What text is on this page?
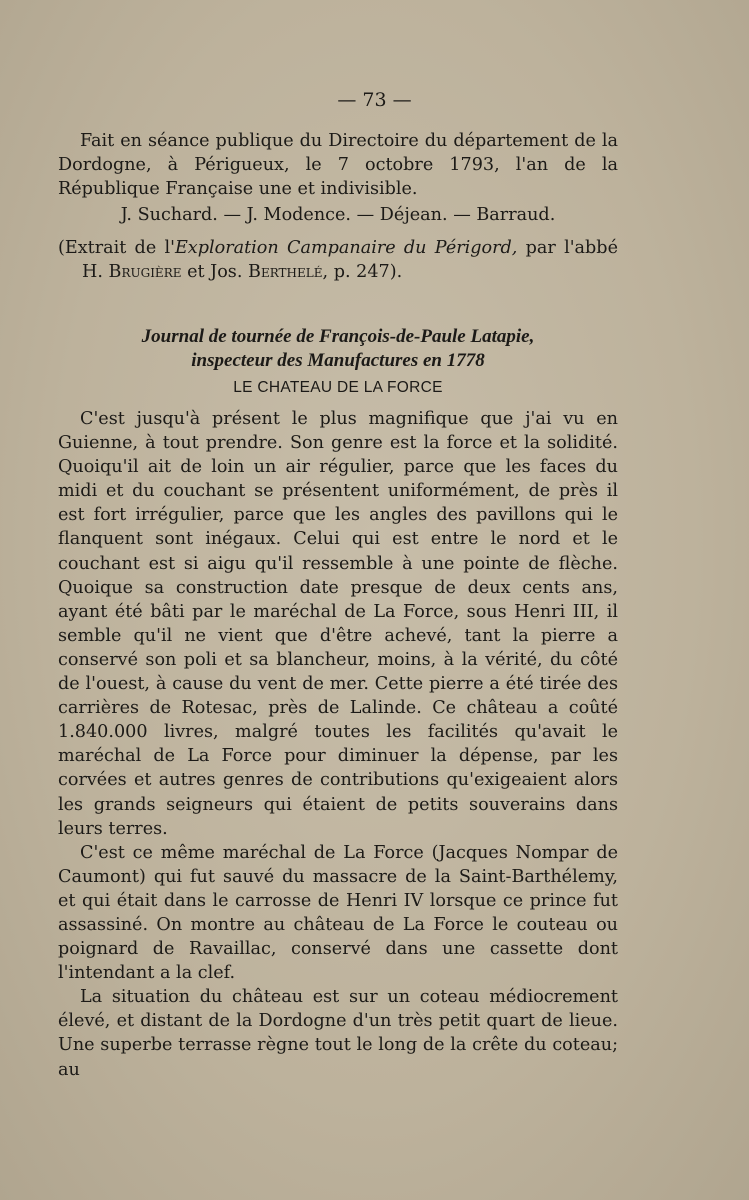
— 73 —

Fait en séance publique du Directoire du département de la Dordogne, à Périgueux, le 7 octobre 1793, l'an de la République Française une et indivisible.

J. Suchard. — J. Modence. — Déjean. — Barraud.

(Extrait de l'Exploration Campanaire du Périgord, par l'abbé H. Brugière et Jos. Berthelé, p. 247).

Journal de tournée de François-de-Paule Latapie,
inspecteur des Manufactures en 1778
LE CHATEAU DE LA FORCE

C'est jusqu'à présent le plus magnifique que j'ai vu en Guienne, à tout prendre. Son genre est la force et la solidité. Quoiqu'il ait de loin un air régulier, parce que les faces du midi et du couchant se présentent uniformément, de près il est fort irrégulier, parce que les angles des pavillons qui le flanquent sont inégaux. Celui qui est entre le nord et le couchant est si aigu qu'il ressemble à une pointe de flèche. Quoique sa construction date presque de deux cents ans, ayant été bâti par le maréchal de La Force, sous Henri III, il semble qu'il ne vient que d'être achevé, tant la pierre a conservé son poli et sa blancheur, moins, à la vérité, du côté de l'ouest, à cause du vent de mer. Cette pierre a été tirée des carrières de Rotesac, près de Lalinde. Ce château a coûté 1.840.000 livres, malgré toutes les facilités qu'avait le maréchal de La Force pour diminuer la dépense, par les corvées et autres genres de contributions qu'exigeaient alors les grands seigneurs qui étaient de petits souverains dans leurs terres.

C'est ce même maréchal de La Force (Jacques Nompar de Caumont) qui fut sauvé du massacre de la Saint-Barthélemy, et qui était dans le carrosse de Henri IV lorsque ce prince fut assassiné. On montre au château de La Force le couteau ou poignard de Ravaillac, conservé dans une cassette dont l'intendant a la clef.

La situation du château est sur un coteau médiocrement élevé, et distant de la Dordogne d'un très petit quart de lieue. Une superbe terrasse règne tout le long de la crête du coteau; au
